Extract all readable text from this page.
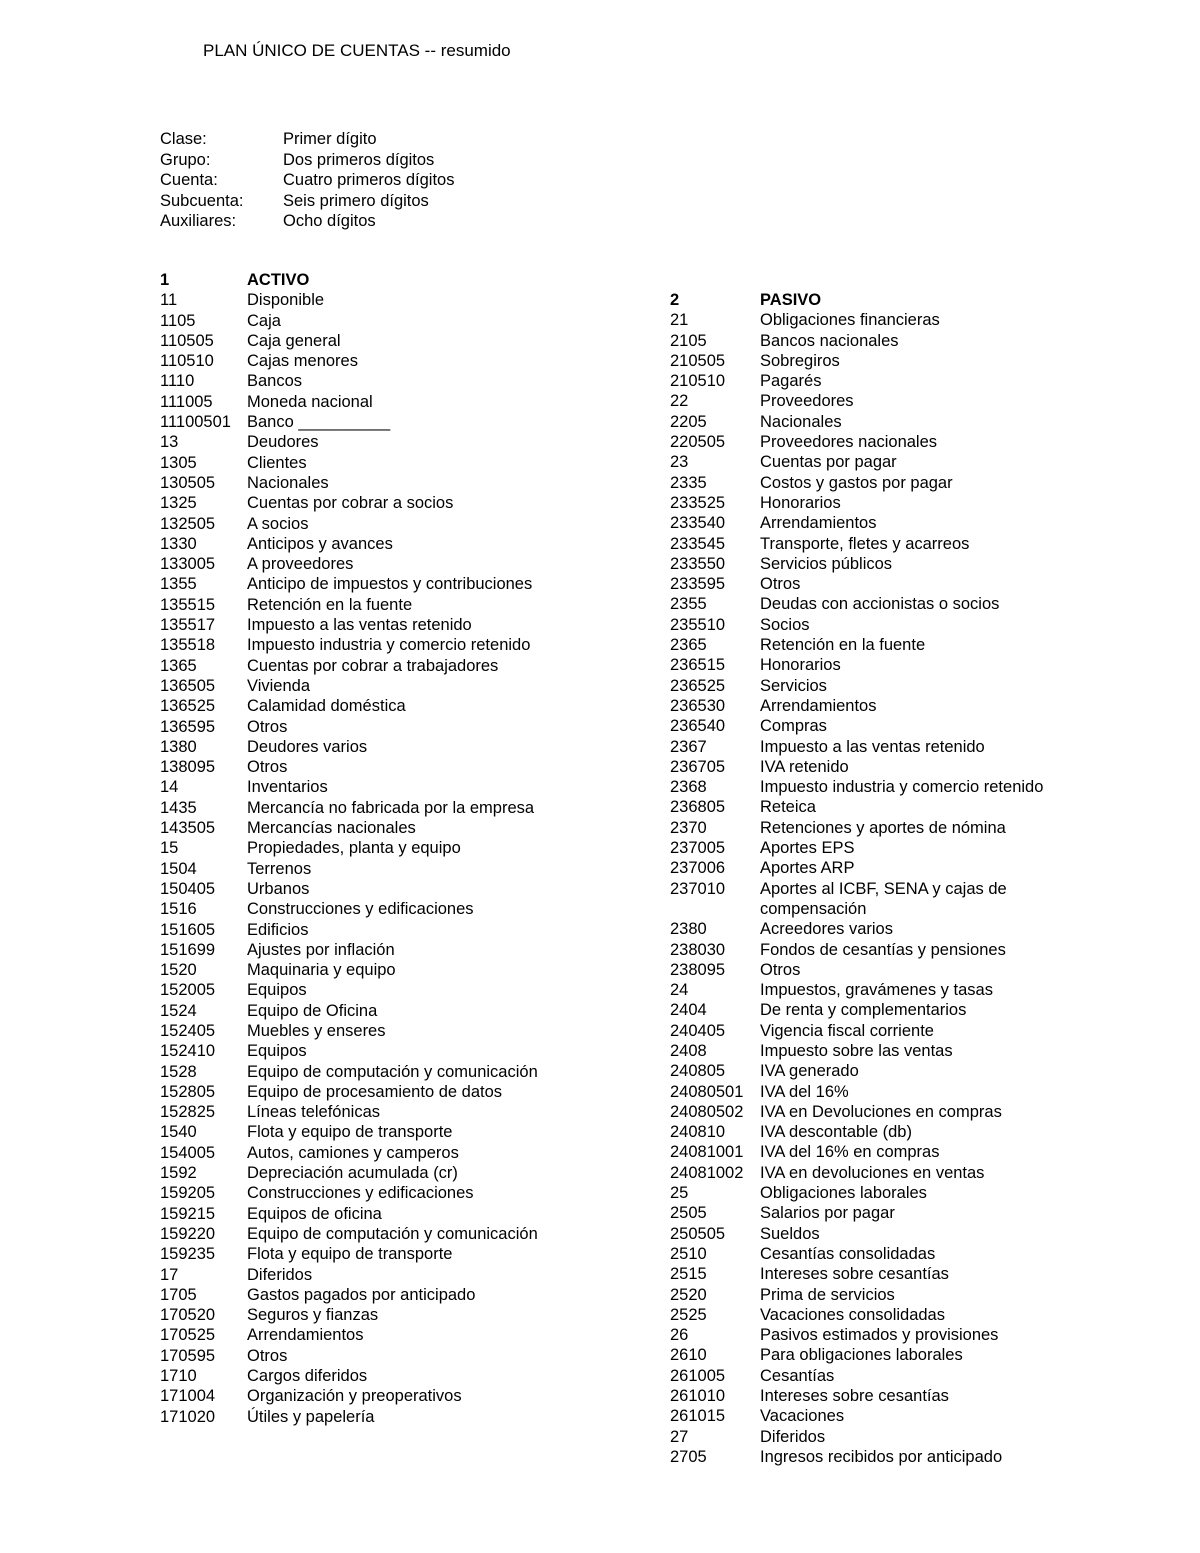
PLAN ÚNICO DE CUENTAS -- resumido
Clase:	Primer dígito
Grupo:	Dos primeros dígitos
Cuenta:	Cuatro primeros dígitos
Subcuenta:	Seis primero dígitos
Auxiliares:	Ocho dígitos
1	ACTIVO
11	Disponible
1105	Caja
110505	Caja general
110510	Cajas menores
1110	Bancos
111005	Moneda nacional
11100501 Banco __________
13	Deudores
1305	Clientes
130505	Nacionales
1325	Cuentas por cobrar a socios
132505	A socios
1330	Anticipos y avances
133005	A proveedores
1355	Anticipo de impuestos y contribuciones
135515	Retención en la fuente
135517	Impuesto a las ventas retenido
135518	Impuesto industria y comercio retenido
1365	Cuentas por cobrar a trabajadores
136505	Vivienda
136525	Calamidad doméstica
136595	Otros
1380	Deudores varios
138095	Otros
14	Inventarios
1435	Mercancía no fabricada por la empresa
143505	Mercancías nacionales
15	Propiedades, planta y equipo
1504	Terrenos
150405	Urbanos
1516	Construcciones y edificaciones
151605	Edificios
151699	Ajustes por inflación
1520	Maquinaria y equipo
152005	Equipos
1524	Equipo de Oficina
152405	Muebles y enseres
152410	Equipos
1528	Equipo de computación y comunicación
152805	Equipo de procesamiento de datos
152825	Líneas telefónicas
1540	Flota y equipo de transporte
154005	Autos, camiones y camperos
1592	Depreciación acumulada (cr)
159205	Construcciones y edificaciones
159215	Equipos de oficina
159220	Equipo de computación y comunicación
159235	Flota y equipo de transporte
17	Diferidos
1705	Gastos pagados por anticipado
170520	Seguros y fianzas
170525	Arrendamientos
170595	Otros
1710	Cargos diferidos
171004	Organización y preoperativos
171020	Útiles y papelería
2	PASIVO
21	Obligaciones financieras
2105	Bancos nacionales
210505	Sobregiros
210510	Pagarés
22	Proveedores
2205	Nacionales
220505	Proveedores nacionales
23	Cuentas por pagar
2335	Costos y gastos por pagar
233525	Honorarios
233540	Arrendamientos
233545	Transporte, fletes y acarreos
233550	Servicios públicos
233595	Otros
2355	Deudas con accionistas o socios
235510	Socios
2365	Retención en la fuente
236515	Honorarios
236525	Servicios
236530	Arrendamientos
236540	Compras
2367	Impuesto a las ventas retenido
236705	IVA retenido
2368	Impuesto industria y comercio retenido
236805	Reteica
2370	Retenciones y aportes de nómina
237005	Aportes EPS
237006	Aportes ARP
237010	Aportes al ICBF, SENA y cajas de compensación
2380	Acreedores varios
238030	Fondos de cesantías y pensiones
238095	Otros
24	Impuestos, gravámenes y tasas
2404	De renta y complementarios
240405	Vigencia fiscal corriente
2408	Impuesto sobre las ventas
240805	IVA generado
24080501	IVA del 16%
24080502	IVA en Devoluciones en compras
240810	IVA descontable (db)
24081001	IVA del 16% en compras
24081002	IVA en devoluciones en ventas
25	Obligaciones laborales
2505	Salarios por pagar
250505	Sueldos
2510	Cesantías consolidadas
2515	Intereses sobre cesantías
2520	Prima de servicios
2525	Vacaciones consolidadas
26	Pasivos estimados y provisiones
2610	Para obligaciones laborales
261005	Cesantías
261010	Intereses sobre cesantías
261015	Vacaciones
27	Diferidos
2705	Ingresos recibidos por anticipado
